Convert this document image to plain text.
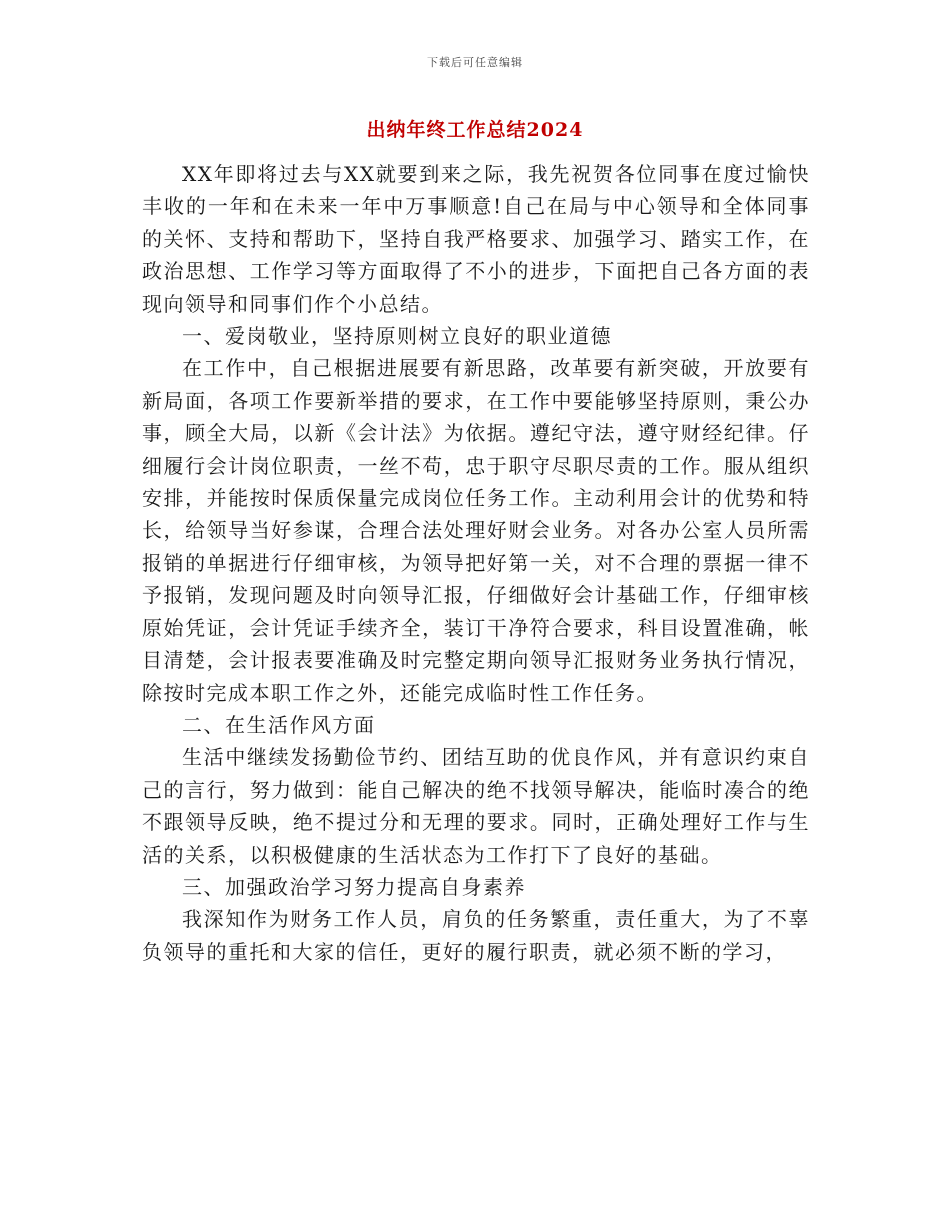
下载后可任意编辑
出纳年终工作总结2024

XX年即将过去与XX就要到来之际，我先祝贺各位同事在度过愉快丰收的一年和在未来一年中万事顺意!自己在局与中心领导和全体同事的关怀、支持和帮助下，坚持自我严格要求、加强学习、踏实工作，在政治思想、工作学习等方面取得了不小的进步，下面把自己各方面的表现向领导和同事们作个小总结。

一、爱岗敬业，坚持原则树立良好的职业道德

在工作中，自己根据进展要有新思路，改革要有新突破，开放要有新局面，各项工作要新举措的要求，在工作中要能够坚持原则，秉公办事，顾全大局，以新《会计法》为依据。遵纪守法，遵守财经纪律。仔细履行会计岗位职责，一丝不苟，忠于职守尽职尽责的工作。服从组织安排，并能按时保质保量完成岗位任务工作。主动利用会计的优势和特长，给领导当好参谋，合理合法处理好财会业务。对各办公室人员所需报销的单据进行仔细审核，为领导把好第一关，对不合理的票据一律不予报销，发现问题及时向领导汇报，仔细做好会计基础工作，仔细审核原始凭证，会计凭证手续齐全，装订干净符合要求，科目设置准确，帐目清楚，会计报表要准确及时完整定期向领导汇报财务业务执行情况，除按时完成本职工作之外，还能完成临时性工作任务。

二、在生活作风方面

生活中继续发扬勤俭节约、团结互助的优良作风，并有意识约束自己的言行，努力做到：能自己解决的绝不找领导解决，能临时凑合的绝不跟领导反映，绝不提过分和无理的要求。同时，正确处理好工作与生活的关系，以积极健康的生活状态为工作打下了良好的基础。

三、加强政治学习努力提高自身素养

我深知作为财务工作人员，肩负的任务繁重，责任重大，为了不辜负领导的重托和大家的信任，更好的履行职责，就必须不断的学习，
